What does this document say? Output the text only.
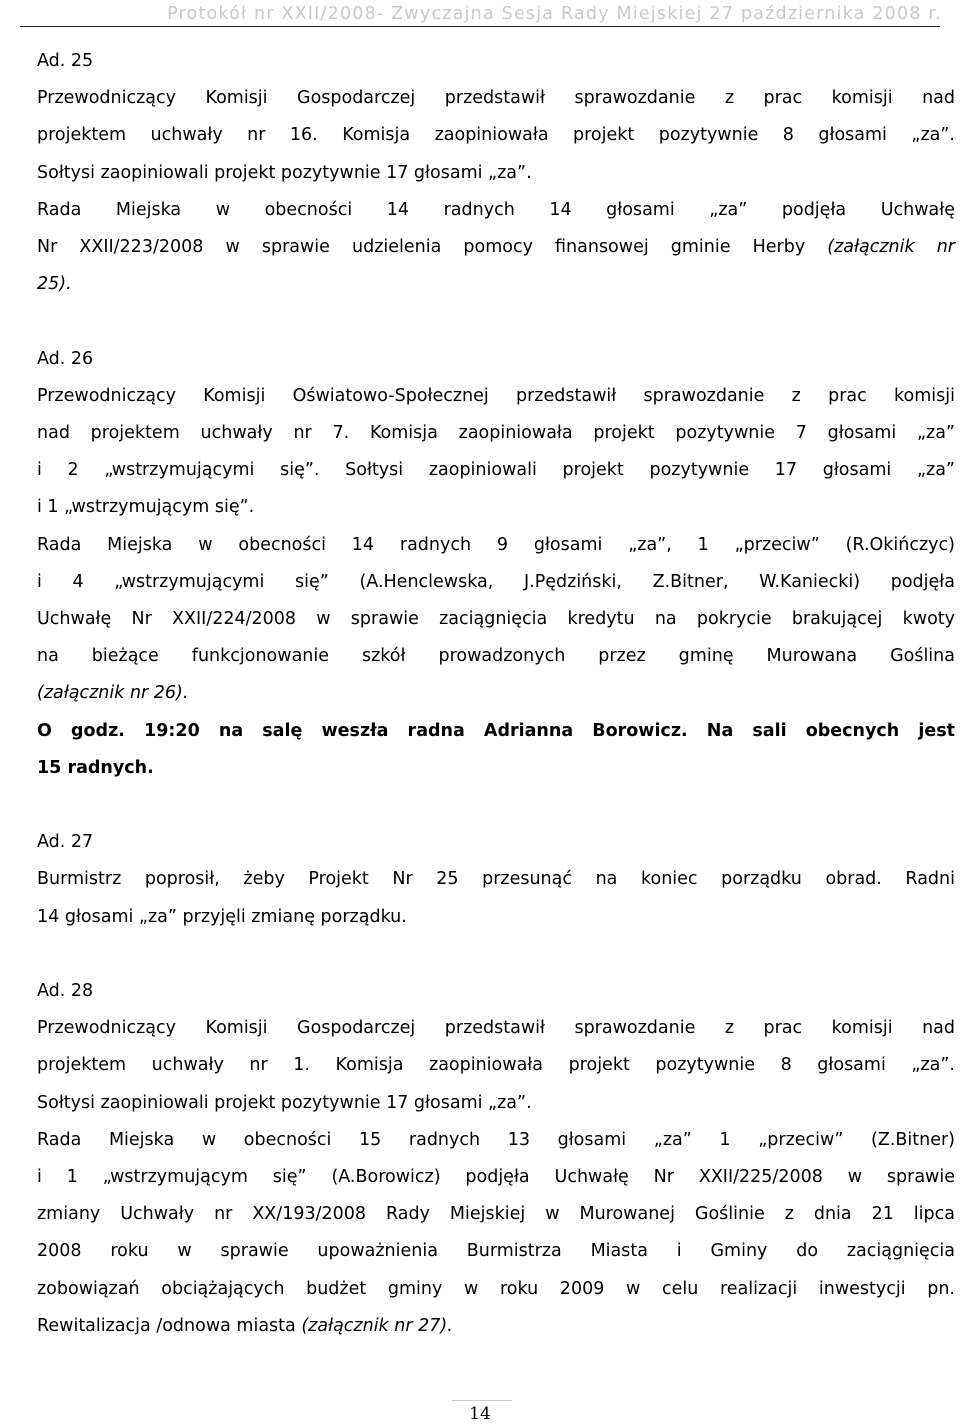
Protokół nr XXII/2008- Zwyczajna Sesja Rady Miejskiej 27 października 2008 r.
Ad. 25
Przewodniczący Komisji Gospodarczej przedstawił sprawozdanie z prac komisji nad
projektem uchwały nr 16. Komisja zaopiniowała projekt pozytywnie 8 głosami „za”.
Sołtysi zaopiniowali projekt pozytywnie 17 głosami „za”.
Rada Miejska w obecności 14 radnych 14 głosami „za” podjęła Uchwałę
Nr XXII/223/2008 w sprawie udzielenia pomocy finansowej gminie Herby (załącznik nr
25).
Ad. 26
Przewodniczący Komisji Oświatowo-Społecznej przedstawił sprawozdanie z prac komisji
nad projektem uchwały nr 7. Komisja zaopiniowała projekt pozytywnie 7 głosami „za”
i 2 „wstrzymującymi się”. Sołtysi zaopiniowali projekt pozytywnie 17 głosami „za”
i 1 „wstrzymującym się”.
Rada Miejska w obecności 14 radnych 9 głosami „za”, 1 „przeciw” (R.Okińczyc)
i 4 „wstrzymującymi się” (A.Henclewska, J.Pędziński, Z.Bitner, W.Kaniecki) podjęła
Uchwałę Nr XXII/224/2008 w sprawie zaciągnięcia kredytu na pokrycie brakującej kwoty
na bieżące funkcjonowanie szkół prowadzonych przez gminę Murowana Goślina
(załącznik nr 26).
O godz. 19:20 na salę weszła radna Adrianna Borowicz. Na sali obecnych jest
15 radnych.
Ad. 27
Burmistrz poprosił, żeby Projekt Nr 25 przesunąć na koniec porządku obrad. Radni
14 głosami „za” przyjęli zmianę porządku.
Ad. 28
Przewodniczący Komisji Gospodarczej przedstawił sprawozdanie z prac komisji nad
projektem uchwały nr 1. Komisja zaopiniowała projekt pozytywnie 8 głosami „za”.
Sołtysi zaopiniowali projekt pozytywnie 17 głosami „za”.
Rada Miejska w obecności 15 radnych 13 głosami „za” 1 „przeciw” (Z.Bitner)
i 1 „wstrzymującym się” (A.Borowicz) podjęła Uchwałę Nr XXII/225/2008 w sprawie
zmiany Uchwały nr XX/193/2008 Rady Miejskiej w Murowanej Goślinie z dnia 21 lipca
2008 roku w sprawie upoważnienia Burmistrza Miasta i Gminy do zaciągnięcia
zobowiązań obciążających budżet gminy w roku 2009 w celu realizacji inwestycji pn.
Rewitalizacja /odnowa miasta (załącznik nr 27).
14
